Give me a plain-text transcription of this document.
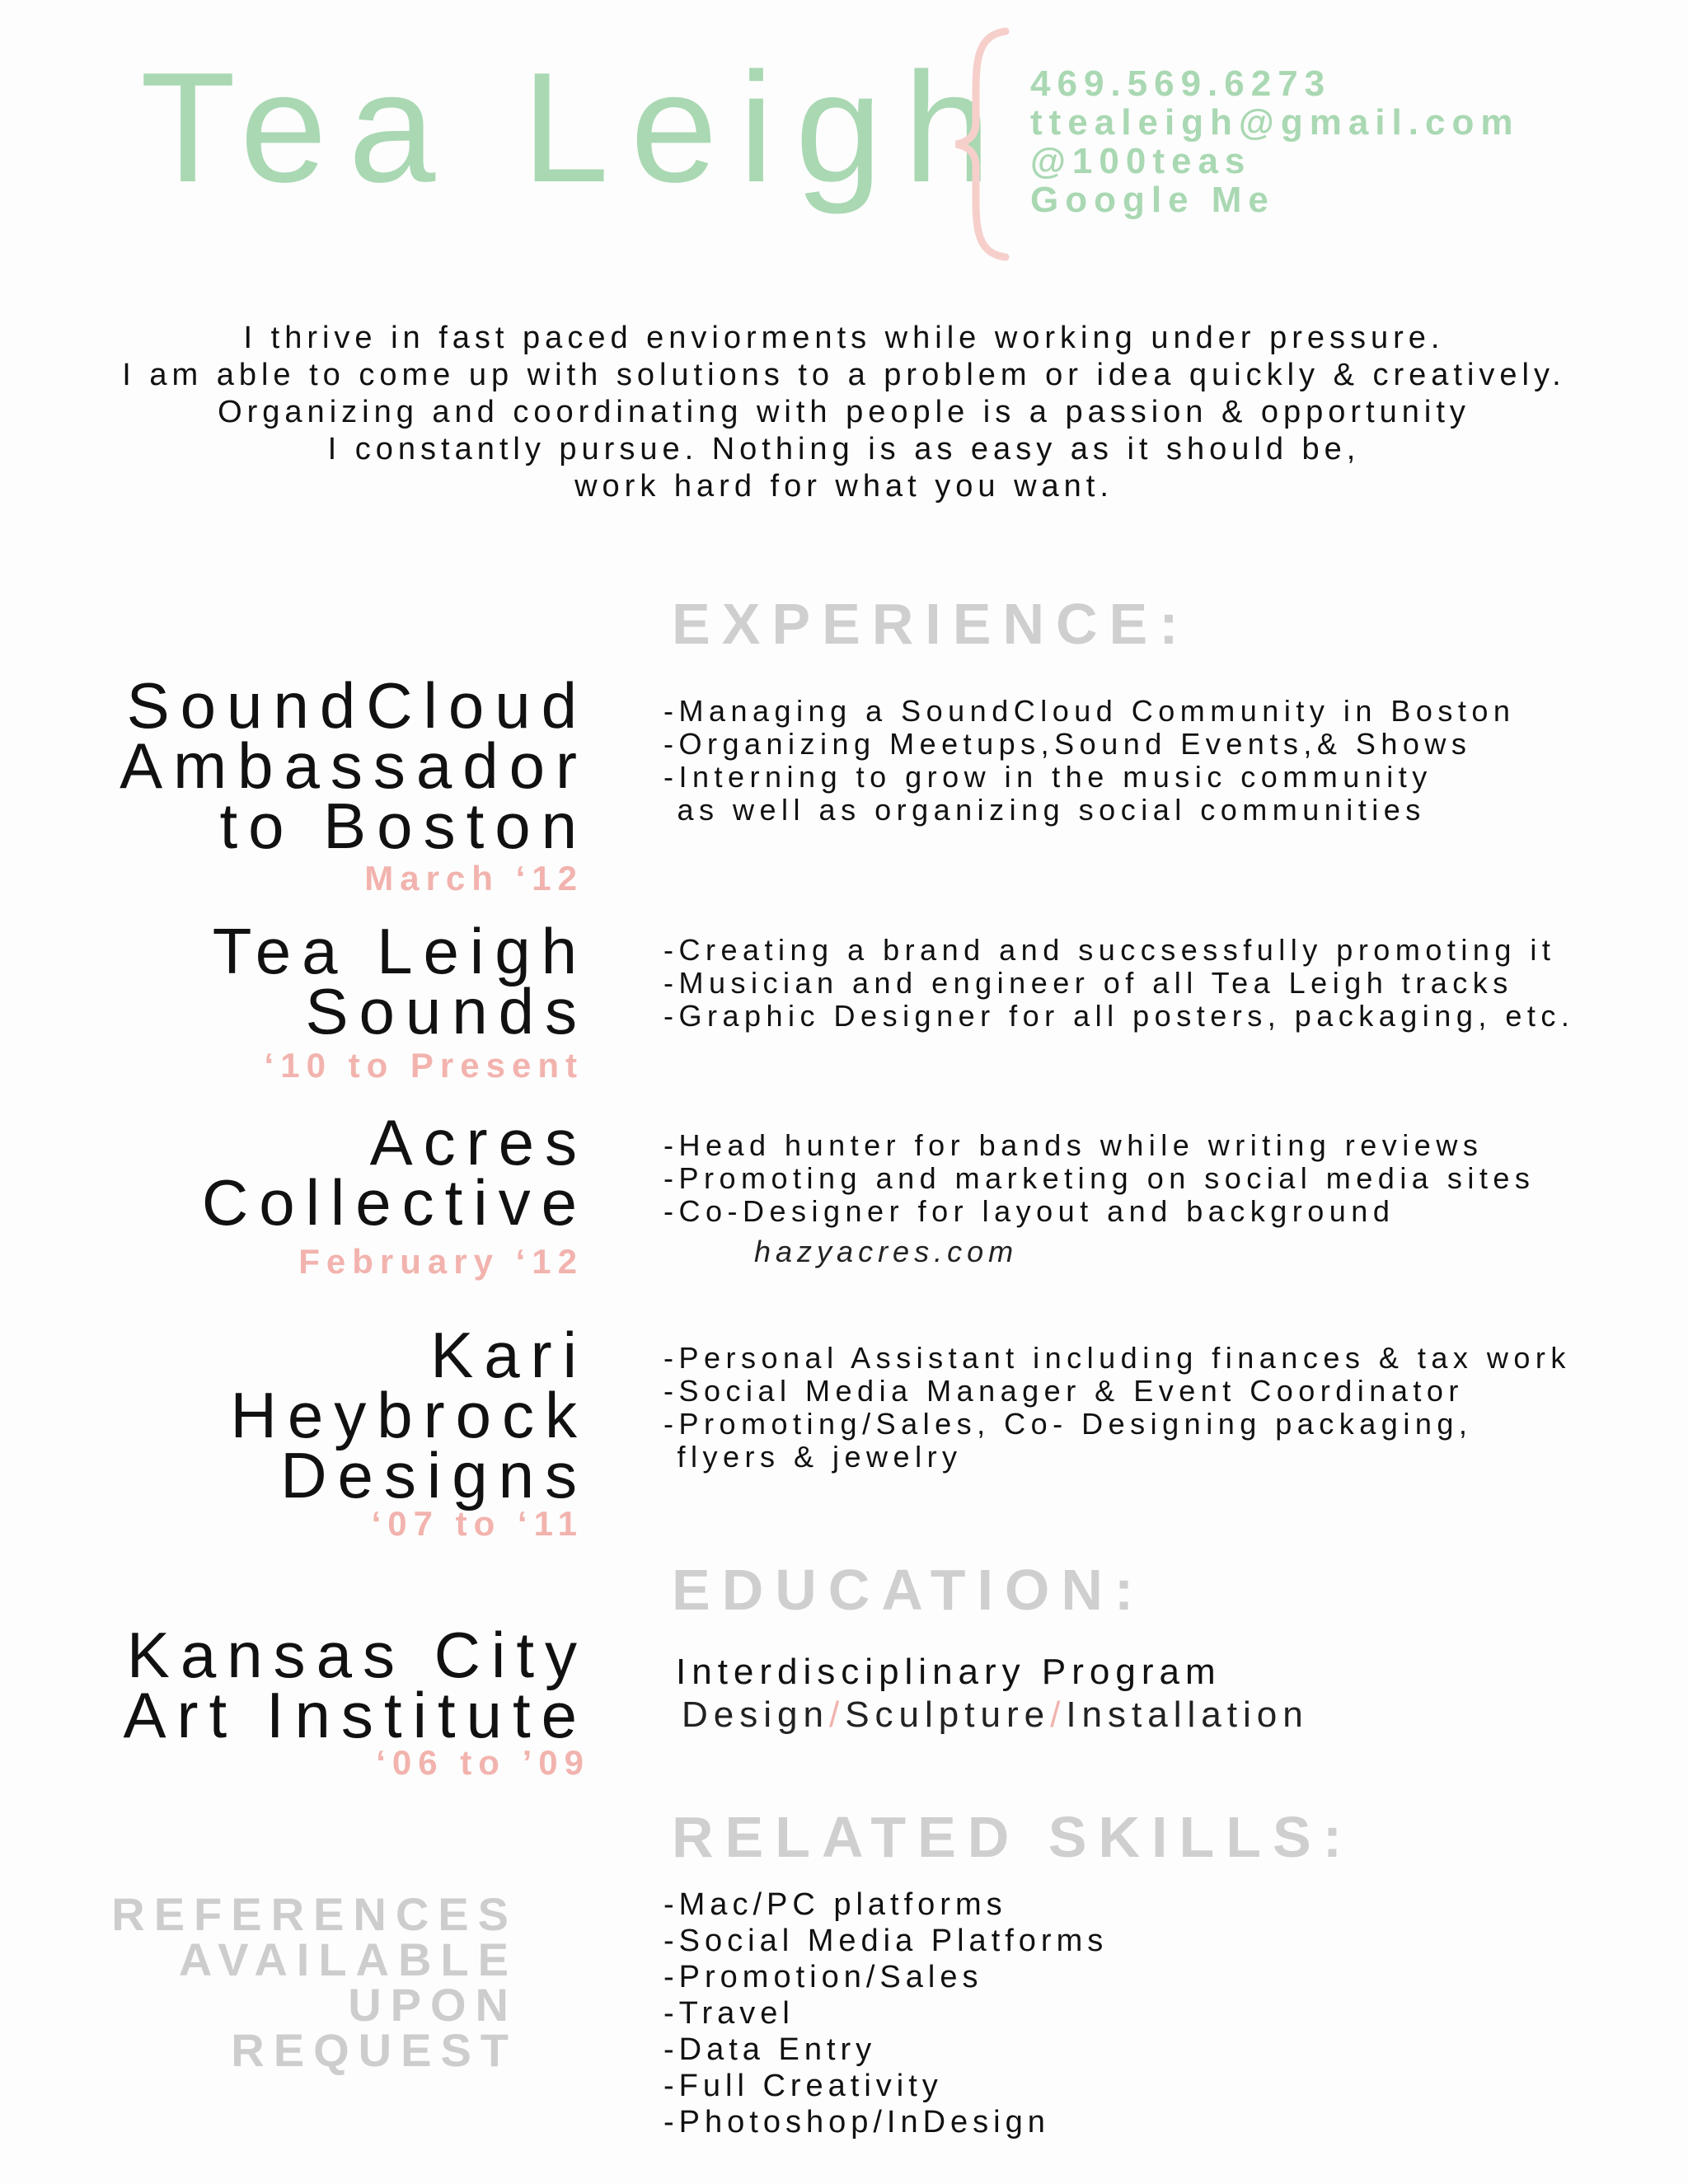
Tea Leigh 469.569.6273
ttealeigh@gmail.com
@100teas
Google Me
I thrive in fast paced enviorments while working under pressure.
I am able to come up with solutions to a problem or idea quickly & creatively.
Organizing and coordinating with people is a passion & opportunity
I constantly pursue. Nothing is as easy as it should be,
work hard for what you want.
EXPERIENCE:
SoundCloud
Ambassador
to Boston
March ‘12
-Managing a SoundCloud Community in Boston
-Organizing Meetups,Sound Events,& Shows
-Interning to grow in the music community
as well as organizing social communities
Tea Leigh
Sounds
‘10 to Present
-Creating a brand and succsessfully promoting it
-Musician and engineer of all Tea Leigh tracks
-Graphic Designer for all posters, packaging, etc.
Acres
Collective
February ‘12
-Head hunter for bands while writing reviews
-Promoting and marketing on social media sites
-Co-Designer for layout and background
hazyacres.com
Kari
Heybrock
Designs
‘07 to ‘11
-Personal Assistant including finances & tax work
-Social Media Manager & Event Coordinator
-Promoting/Sales, Co- Designing packaging,
flyers & jewelry
EDUCATION:
Kansas City
Art Institute
‘06 to ’09
Interdisciplinary Program
Design/Sculpture/Installation
RELATED SKILLS:
-Mac/PC platforms
-Social Media Platforms
-Promotion/Sales
-Travel
-Data Entry
-Full Creativity
-Photoshop/InDesign
REFERENCES
AVAILABLE
UPON
REQUEST
